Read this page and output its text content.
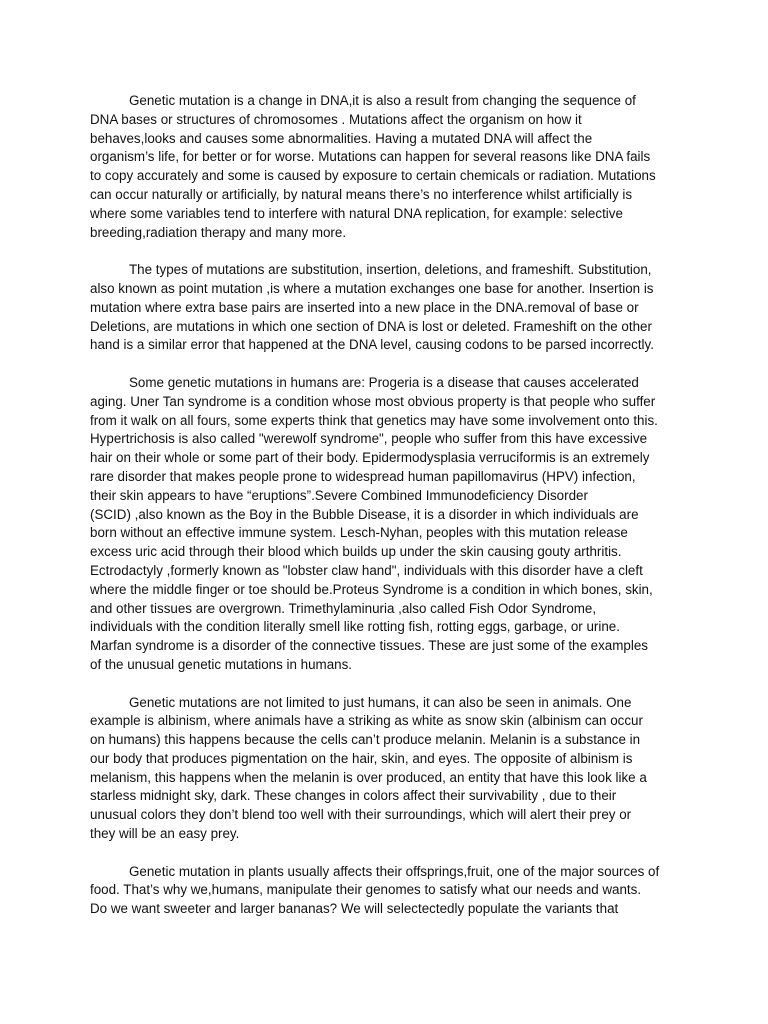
Genetic mutation is a change in DNA,it is also a result from changing the sequence of
DNA bases or structures of chromosomes . Mutations affect the organism on how it
behaves,looks and causes some abnormalities. Having a mutated DNA will affect the
organism’s life, for better or for worse. Mutations can happen for several reasons like DNA fails
to copy accurately and some is caused by exposure to certain chemicals or radiation. Mutations
can occur naturally or artificially, by natural means there’s no interference whilst artificially is
where some variables tend to interfere with natural DNA replication, for example: selective
breeding,radiation therapy and many more.

The types of mutations are substitution, insertion, deletions, and frameshift. Substitution,
also known as point mutation ,is where a mutation exchanges one base for another. Insertion is
mutation where extra base pairs are inserted into a new place in the DNA.removal of base or
Deletions, are mutations in which one section of DNA is lost or deleted. Frameshift on the other
hand is a similar error that happened at the DNA level, causing codons to be parsed incorrectly.

Some genetic mutations in humans are: Progeria is a disease that causes accelerated
aging. Uner Tan syndrome is a condition whose most obvious property is that people who suffer
from it walk on all fours, some experts think that genetics may have some involvement onto this.
Hypertrichosis is also called "werewolf syndrome", people who suffer from this have excessive
hair on their whole or some part of their body. Epidermodysplasia verruciformis is an extremely
rare disorder that makes people prone to widespread human papillomavirus (HPV) infection,
their skin appears to have “eruptions”.Severe Combined Immunodeficiency Disorder
(SCID) ,also known as the Boy in the Bubble Disease, it is a disorder in which individuals are
born without an effective immune system. Lesch-Nyhan, peoples with this mutation release
excess uric acid through their blood which builds up under the skin causing gouty arthritis.
Ectrodactyly ,formerly known as "lobster claw hand", individuals with this disorder have a cleft
where the middle finger or toe should be.Proteus Syndrome is a condition in which bones, skin,
and other tissues are overgrown. Trimethylaminuria ,also called Fish Odor Syndrome,
individuals with the condition literally smell like rotting fish, rotting eggs, garbage, or urine.
Marfan syndrome is a disorder of the connective tissues. These are just some of the examples
of the unusual genetic mutations in humans.

Genetic mutations are not limited to just humans, it can also be seen in animals. One
example is albinism, where animals have a striking as white as snow skin (albinism can occur
on humans) this happens because the cells can’t produce melanin. Melanin is a substance in
our body that produces pigmentation on the hair, skin, and eyes. The opposite of albinism is
melanism, this happens when the melanin is over produced, an entity that have this look like a
starless midnight sky, dark. These changes in colors affect their survivability , due to their
unusual colors they don’t blend too well with their surroundings, which will alert their prey or
they will be an easy prey.

Genetic mutation in plants usually affects their offsprings,fruit, one of the major sources of
food. That’s why we,humans, manipulate their genomes to satisfy what our needs and wants.
Do we want sweeter and larger bananas? We will selectectedly populate the variants that
